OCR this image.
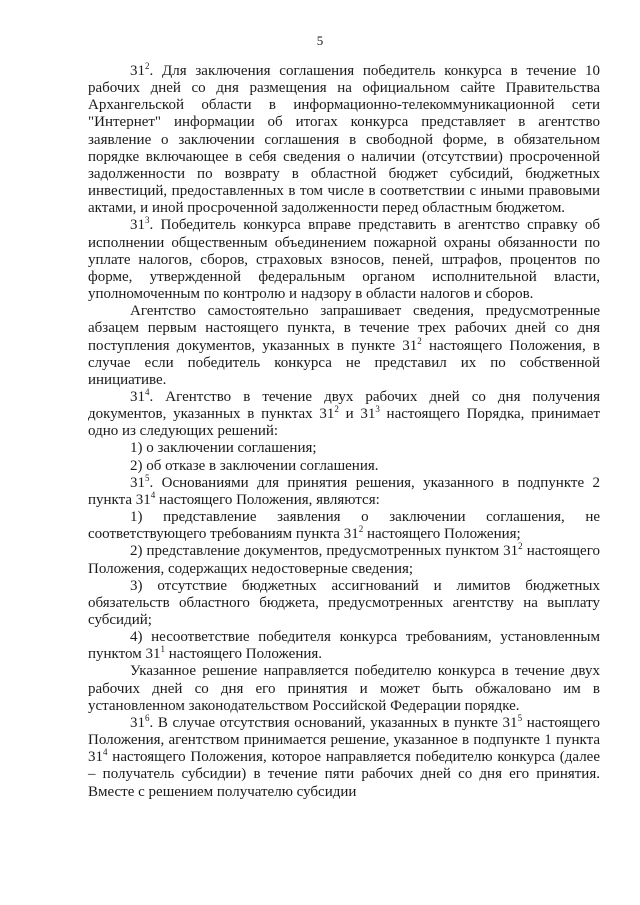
5

$31^2$. Для заключения соглашения победитель конкурса в течение 10 рабочих дней со дня размещения на официальном сайте Правительства Архангельской области в информационно-телекоммуникационной сети "Интернет" информации об итогах конкурса представляет в агентство заявление о заключении соглашения в свободной форме, в обязательном порядке включающее в себя сведения о наличии (отсутствии) просроченной задолженности по возврату в областной бюджет субсидий, бюджетных инвестиций, предоставленных в том числе в соответствии с иными правовыми актами, и иной просроченной задолженности перед областным бюджетом.

$31^3$. Победитель конкурса вправе представить в агентство справку об исполнении общественным объединением пожарной охраны обязанности по уплате налогов, сборов, страховых взносов, пеней, штрафов, процентов по форме, утвержденной федеральным органом исполнительной власти, уполномоченным по контролю и надзору в области налогов и сборов.

Агентство самостоятельно запрашивает сведения, предусмотренные абзацем первым настоящего пункта, в течение трех рабочих дней со дня поступления документов, указанных в пункте $31^2$ настоящего Положения, в случае если победитель конкурса не представил их по собственной инициативе.

$31^4$. Агентство в течение двух рабочих дней со дня получения документов, указанных в пунктах $31^2$ и $31^3$ настоящего Порядка, принимает одно из следующих решений:

1) о заключении соглашения;

2) об отказе в заключении соглашения.

$31^5$. Основаниями для принятия решения, указанного в подпункте 2 пункта $31^4$ настоящего Положения, являются:

1) представление заявления о заключении соглашения, не соответствующего требованиям пункта $31^2$ настоящего Положения;

2) представление документов, предусмотренных пунктом $31^2$ настоящего Положения, содержащих недостоверные сведения;

3) отсутствие бюджетных ассигнований и лимитов бюджетных обязательств областного бюджета, предусмотренных агентству на выплату субсидий;

4) несоответствие победителя конкурса требованиям, установленным пунктом $31^1$ настоящего Положения.

Указанное решение направляется победителю конкурса в течение двух рабочих дней со дня его принятия и может быть обжаловано им в установленном законодательством Российской Федерации порядке.

$31^6$. В случае отсутствия оснований, указанных в пункте $31^5$ настоящего Положения, агентством принимается решение, указанное в подпункте 1 пункта $31^4$ настоящего Положения, которое направляется победителю конкурса (далее – получатель субсидии) в течение пяти рабочих дней со дня его принятия. Вместе с решением получателю субсидии
